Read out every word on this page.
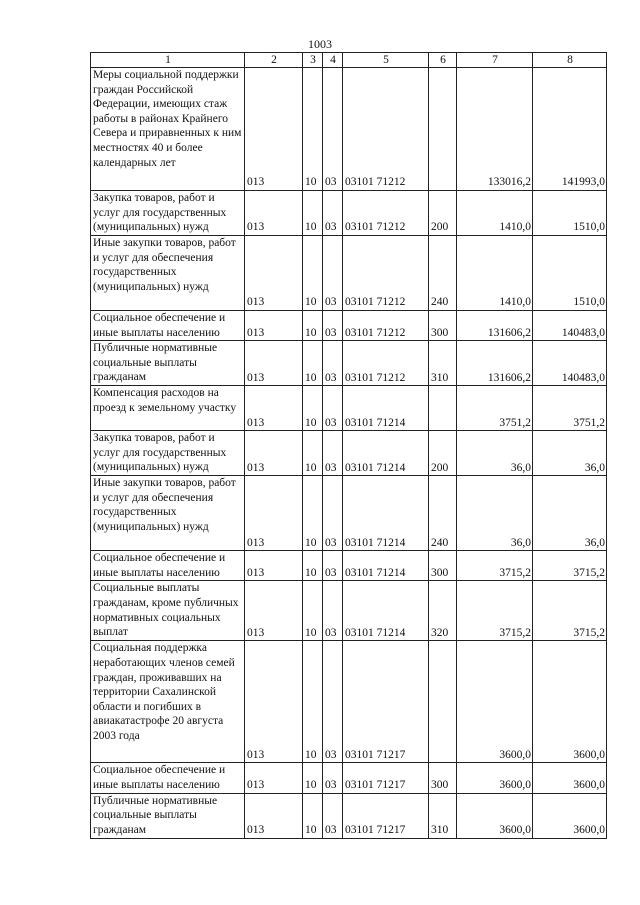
1003
1	2	3	4	5	6	7	8
Меры социальной поддержки граждан Российской Федерации, имеющих стаж работы в районах Крайнего Севера и приравненных к ним местностях 40 и более календарных лет	013	10	03	03101 71212		133016,2	141993,0
Закупка товаров, работ и услуг для государственных (муниципальных) нужд	013	10	03	03101 71212	200	1410,0	1510,0
Иные закупки товаров, работ и услуг для обеспечения государственных (муниципальных) нужд	013	10	03	03101 71212	240	1410,0	1510,0
Социальное обеспечение и иные выплаты населению	013	10	03	03101 71212	300	131606,2	140483,0
Публичные нормативные социальные выплаты гражданам	013	10	03	03101 71212	310	131606,2	140483,0
Компенсация расходов на проезд к земельному участку	013	10	03	03101 71214		3751,2	3751,2
Закупка товаров, работ и услуг для государственных (муниципальных) нужд	013	10	03	03101 71214	200	36,0	36,0
Иные закупки товаров, работ и услуг для обеспечения государственных (муниципальных) нужд	013	10	03	03101 71214	240	36,0	36,0
Социальное обеспечение и иные выплаты населению	013	10	03	03101 71214	300	3715,2	3715,2
Социальные выплаты гражданам, кроме публичных нормативных социальных выплат	013	10	03	03101 71214	320	3715,2	3715,2
Социальная поддержка неработающих членов семей граждан, проживавших на территории Сахалинской области и погибших в авиакатастрофе 20 августа 2003 года	013	10	03	03101 71217		3600,0	3600,0
Социальное обеспечение и иные выплаты населению	013	10	03	03101 71217	300	3600,0	3600,0
Публичные нормативные социальные выплаты гражданам	013	10	03	03101 71217	310	3600,0	3600,0
